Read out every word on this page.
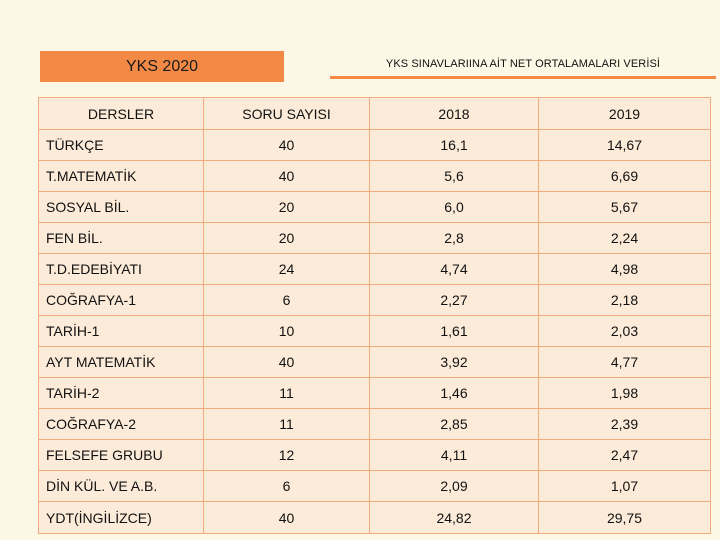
YKS 2020	YKS SINAVLARIINA AİT NET ORTALAMALARI VERİSİ
DERSLER	SORU SAYISI	2018	2019
TÜRKÇE	40	16,1	14,67
T.MATEMATİK	40	5,6	6,69
SOSYAL BİL.	20	6,0	5,67
FEN BİL.	20	2,8	2,24
T.D.EDEBİYATI	24	4,74	4,98
COĞRAFYA-1	6	2,27	2,18
TARİH-1	10	1,61	2,03
AYT MATEMATİK	40	3,92	4,77
TARİH-2	11	1,46	1,98
COĞRAFYA-2	11	2,85	2,39
FELSEFE GRUBU	12	4,11	2,47
DİN KÜL. VE A.B.	6	2,09	1,07
YDT(İNGİLİZCE)	40	24,82	29,75
